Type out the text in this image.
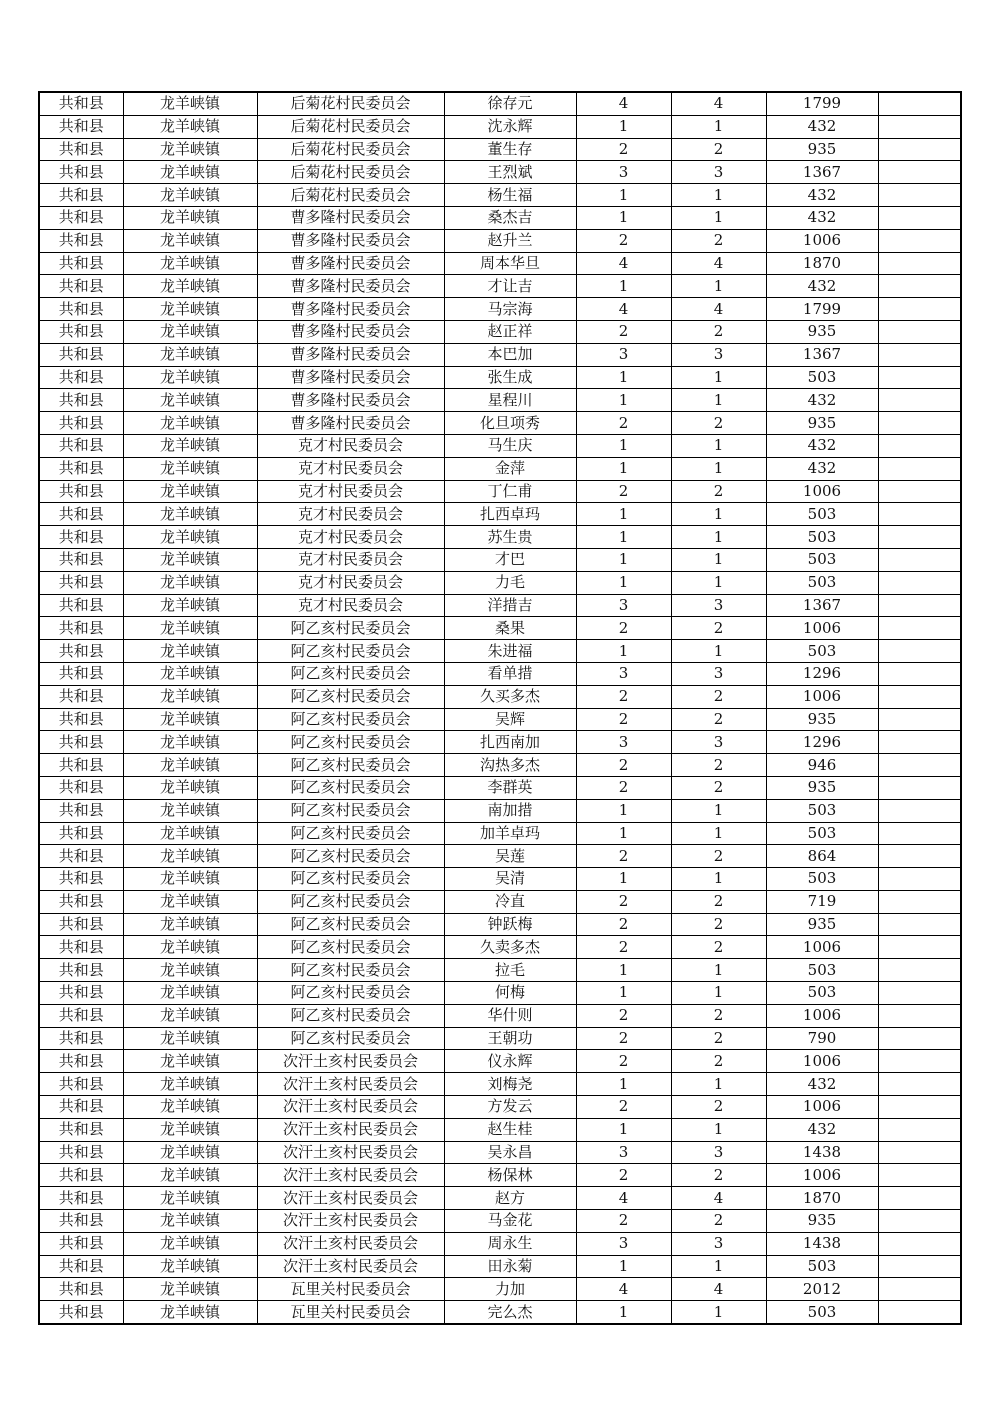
共和县	龙羊峡镇	后菊花村民委员会	徐存元	4	4	1799	
共和县	龙羊峡镇	后菊花村民委员会	沈永辉	1	1	432	
共和县	龙羊峡镇	后菊花村民委员会	董生存	2	2	935	
共和县	龙羊峡镇	后菊花村民委员会	王烈斌	3	3	1367	
共和县	龙羊峡镇	后菊花村民委员会	杨生福	1	1	432	
共和县	龙羊峡镇	曹多隆村民委员会	桑杰吉	1	1	432	
共和县	龙羊峡镇	曹多隆村民委员会	赵升兰	2	2	1006	
共和县	龙羊峡镇	曹多隆村民委员会	周本华旦	4	4	1870	
共和县	龙羊峡镇	曹多隆村民委员会	才让吉	1	1	432	
共和县	龙羊峡镇	曹多隆村民委员会	马宗海	4	4	1799	
共和县	龙羊峡镇	曹多隆村民委员会	赵正祥	2	2	935	
共和县	龙羊峡镇	曹多隆村民委员会	本巴加	3	3	1367	
共和县	龙羊峡镇	曹多隆村民委员会	张生成	1	1	503	
共和县	龙羊峡镇	曹多隆村民委员会	星程川	1	1	432	
共和县	龙羊峡镇	曹多隆村民委员会	化旦项秀	2	2	935	
共和县	龙羊峡镇	克才村民委员会	马生庆	1	1	432	
共和县	龙羊峡镇	克才村民委员会	金萍	1	1	432	
共和县	龙羊峡镇	克才村民委员会	丁仁甫	2	2	1006	
共和县	龙羊峡镇	克才村民委员会	扎西卓玛	1	1	503	
共和县	龙羊峡镇	克才村民委员会	苏生贵	1	1	503	
共和县	龙羊峡镇	克才村民委员会	才巴	1	1	503	
共和县	龙羊峡镇	克才村民委员会	力毛	1	1	503	
共和县	龙羊峡镇	克才村民委员会	洋措吉	3	3	1367	
共和县	龙羊峡镇	阿乙亥村民委员会	桑果	2	2	1006	
共和县	龙羊峡镇	阿乙亥村民委员会	朱进福	1	1	503	
共和县	龙羊峡镇	阿乙亥村民委员会	看单措	3	3	1296	
共和县	龙羊峡镇	阿乙亥村民委员会	久买多杰	2	2	1006	
共和县	龙羊峡镇	阿乙亥村民委员会	吴辉	2	2	935	
共和县	龙羊峡镇	阿乙亥村民委员会	扎西南加	3	3	1296	
共和县	龙羊峡镇	阿乙亥村民委员会	沟热多杰	2	2	946	
共和县	龙羊峡镇	阿乙亥村民委员会	李群英	2	2	935	
共和县	龙羊峡镇	阿乙亥村民委员会	南加措	1	1	503	
共和县	龙羊峡镇	阿乙亥村民委员会	加羊卓玛	1	1	503	
共和县	龙羊峡镇	阿乙亥村民委员会	吴莲	2	2	864	
共和县	龙羊峡镇	阿乙亥村民委员会	吴清	1	1	503	
共和县	龙羊峡镇	阿乙亥村民委员会	冷直	2	2	719	
共和县	龙羊峡镇	阿乙亥村民委员会	钟跃梅	2	2	935	
共和县	龙羊峡镇	阿乙亥村民委员会	久卖多杰	2	2	1006	
共和县	龙羊峡镇	阿乙亥村民委员会	拉毛	1	1	503	
共和县	龙羊峡镇	阿乙亥村民委员会	何梅	1	1	503	
共和县	龙羊峡镇	阿乙亥村民委员会	华什则	2	2	1006	
共和县	龙羊峡镇	阿乙亥村民委员会	王朝功	2	2	790	
共和县	龙羊峡镇	次汗土亥村民委员会	仪永辉	2	2	1006	
共和县	龙羊峡镇	次汗土亥村民委员会	刘梅尧	1	1	432	
共和县	龙羊峡镇	次汗土亥村民委员会	方发云	2	2	1006	
共和县	龙羊峡镇	次汗土亥村民委员会	赵生桂	1	1	432	
共和县	龙羊峡镇	次汗土亥村民委员会	吴永昌	3	3	1438	
共和县	龙羊峡镇	次汗土亥村民委员会	杨保林	2	2	1006	
共和县	龙羊峡镇	次汗土亥村民委员会	赵方	4	4	1870	
共和县	龙羊峡镇	次汗土亥村民委员会	马金花	2	2	935	
共和县	龙羊峡镇	次汗土亥村民委员会	周永生	3	3	1438	
共和县	龙羊峡镇	次汗土亥村民委员会	田永菊	1	1	503	
共和县	龙羊峡镇	瓦里关村民委员会	力加	4	4	2012	
共和县	龙羊峡镇	瓦里关村民委员会	完么杰	1	1	503	
